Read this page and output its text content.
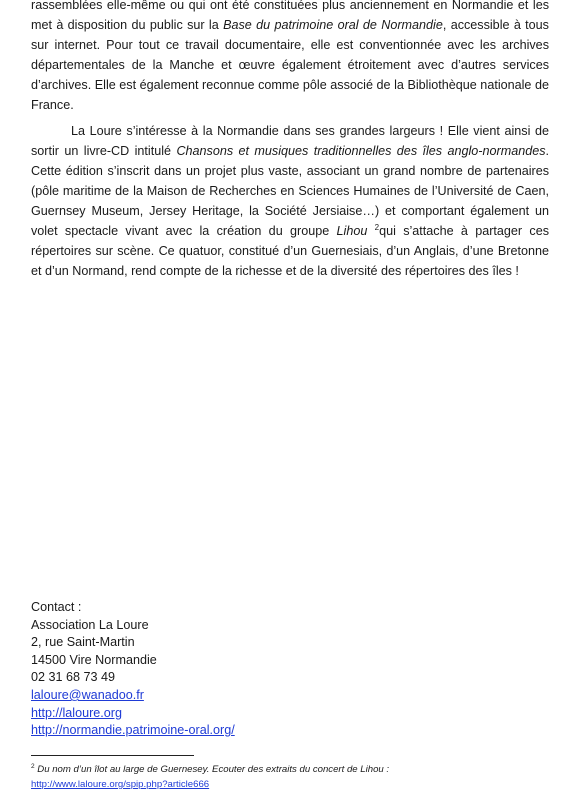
rassemblées elle-même ou qui ont été constituées plus anciennement en Normandie et les met à disposition du public sur la Base du patrimoine oral de Normandie, accessible à tous sur internet. Pour tout ce travail documentaire, elle est conventionnée avec les archives départementales de la Manche et œuvre également étroitement avec d’autres services d’archives. Elle est également reconnue comme pôle associé de la Bibliothèque nationale de France.

La Loure s’intéresse à la Normandie dans ses grandes largeurs ! Elle vient ainsi de sortir un livre-CD intitulé Chansons et musiques traditionnelles des îles anglo-normandes. Cette édition s’inscrit dans un projet plus vaste, associant un grand nombre de partenaires (pôle maritime de la Maison de Recherches en Sciences Humaines de l’Université de Caen, Guernsey Museum, Jersey Heritage, la Société Jersiaise…) et comportant également un volet spectacle vivant avec la création du groupe Lihou $^2$qui s’attache à partager ces répertoires sur scène. Ce quatuor, constitué d’un Guernesiais, d’un Anglais, d’une Bretonne et d’un Normand, rend compte de la richesse et de la diversité des répertoires des îles !

Contact :
Association La Loure
2, rue Saint-Martin
14500 Vire Normandie
02 31 68 73 49
laloure@wanadoo.fr
http://laloure.org
http://normandie.patrimoine-oral.org/
$^2$ Du nom d’un îlot au large de Guernesey. Ecouter des extraits du concert de Lihou :
http://www.laloure.org/spip.php?article666
